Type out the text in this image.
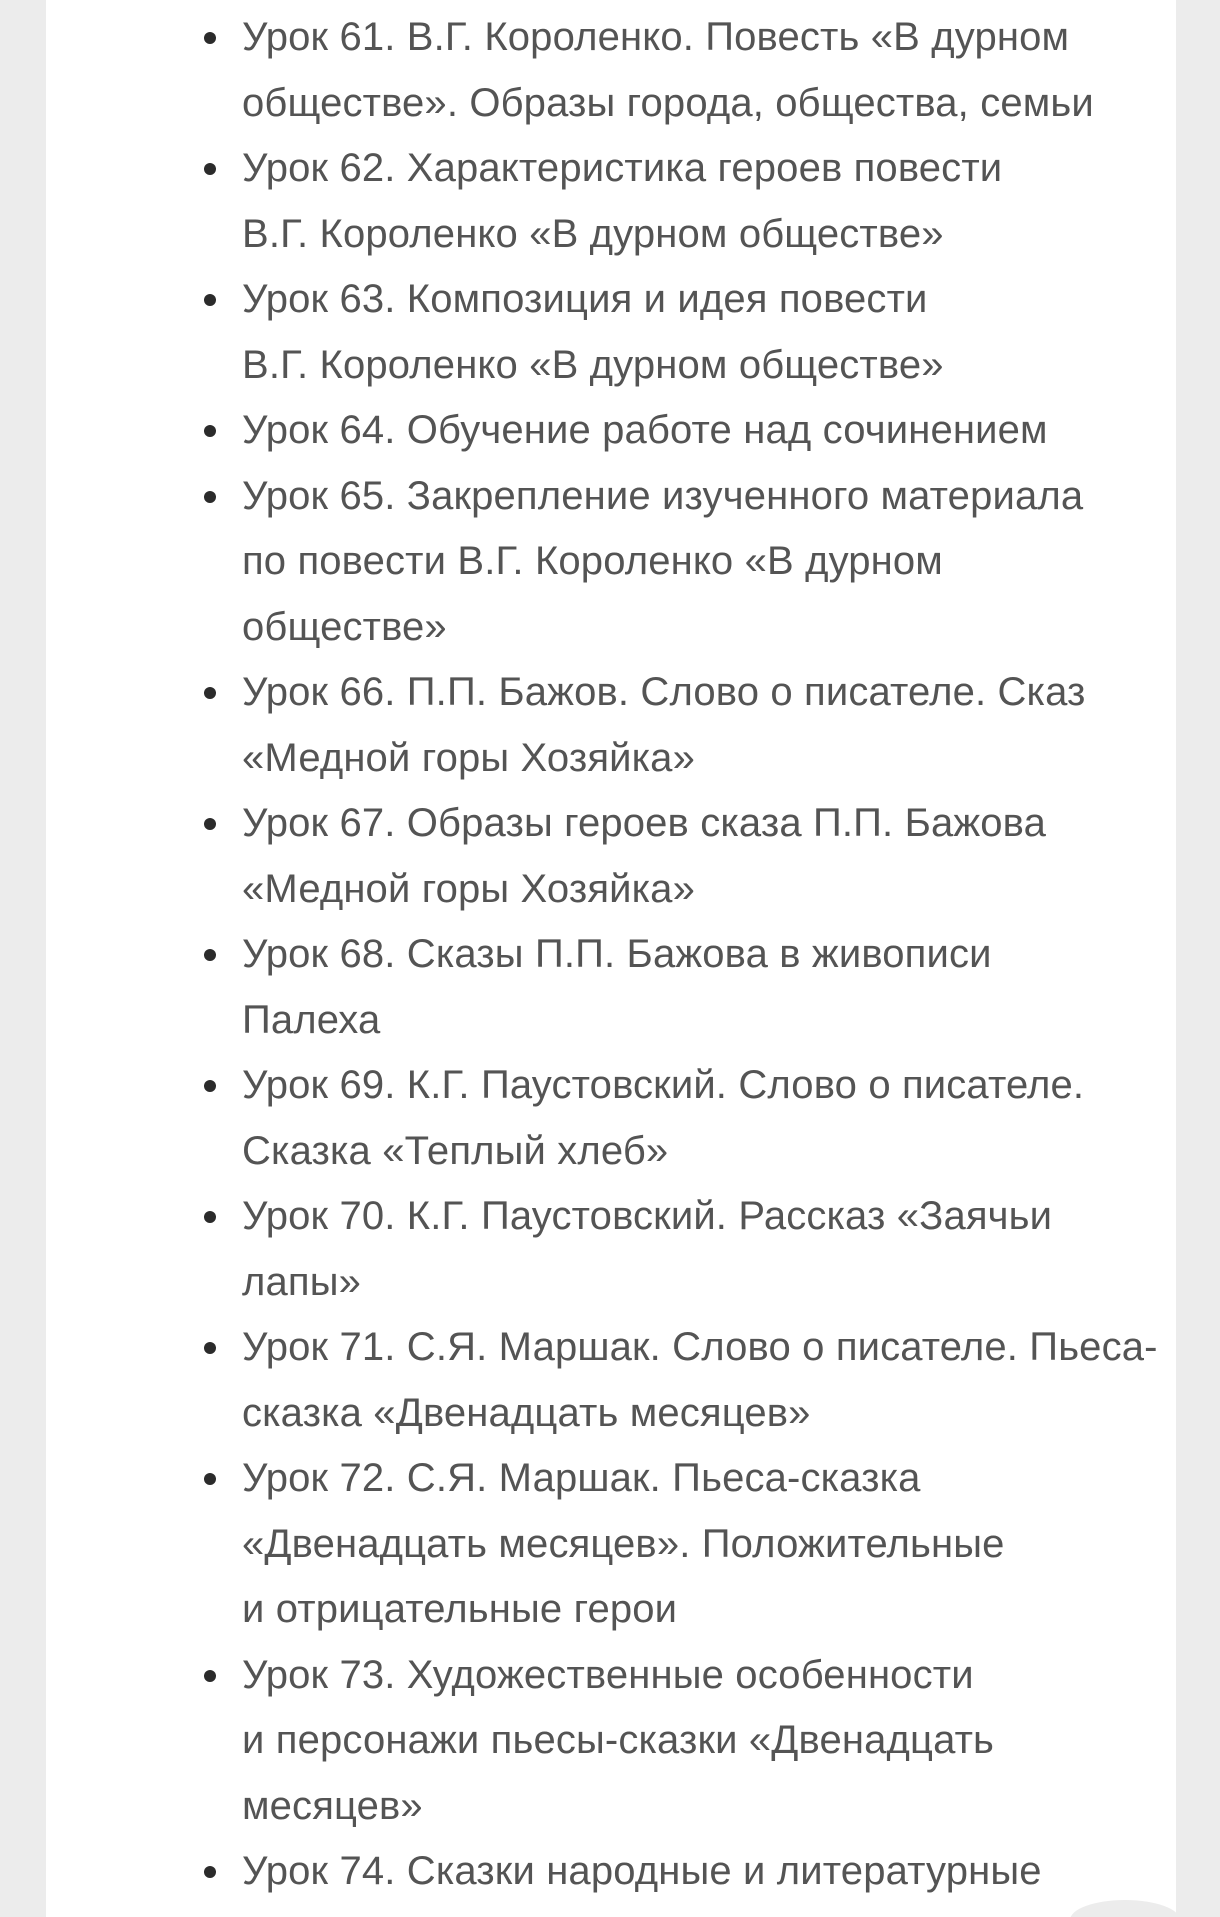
Урок 61. В.Г. Короленко. Повесть «В дурном
обществе». Образы города, общества, семьи
Урок 62. Характеристика героев повести
В.Г. Короленко «В дурном обществе»
Урок 63. Композиция и идея повести
В.Г. Короленко «В дурном обществе»
Урок 64. Обучение работе над сочинением
Урок 65. Закрепление изученного материала
по повести В.Г. Короленко «В дурном
обществе»
Урок 66. П.П. Бажов. Слово о писателе. Сказ
«Медной горы Хозяйка»
Урок 67. Образы героев сказа П.П. Бажова
«Медной горы Хозяйка»
Урок 68. Сказы П.П. Бажова в живописи
Палеха
Урок 69. К.Г. Паустовский. Слово о писателе.
Сказка «Теплый хлеб»
Урок 70. К.Г. Паустовский. Рассказ «Заячьи
лапы»
Урок 71. С.Я. Маршак. Слово о писателе. Пьеса-
сказка «Двенадцать месяцев»
Урок 72. С.Я. Маршак. Пьеса-сказка
«Двенадцать месяцев». Положительные
и отрицательные герои
Урок 73. Художественные особенности
и персонажи пьесы-сказки «Двенадцать
месяцев»
Урок 74. Сказки народные и литературные
